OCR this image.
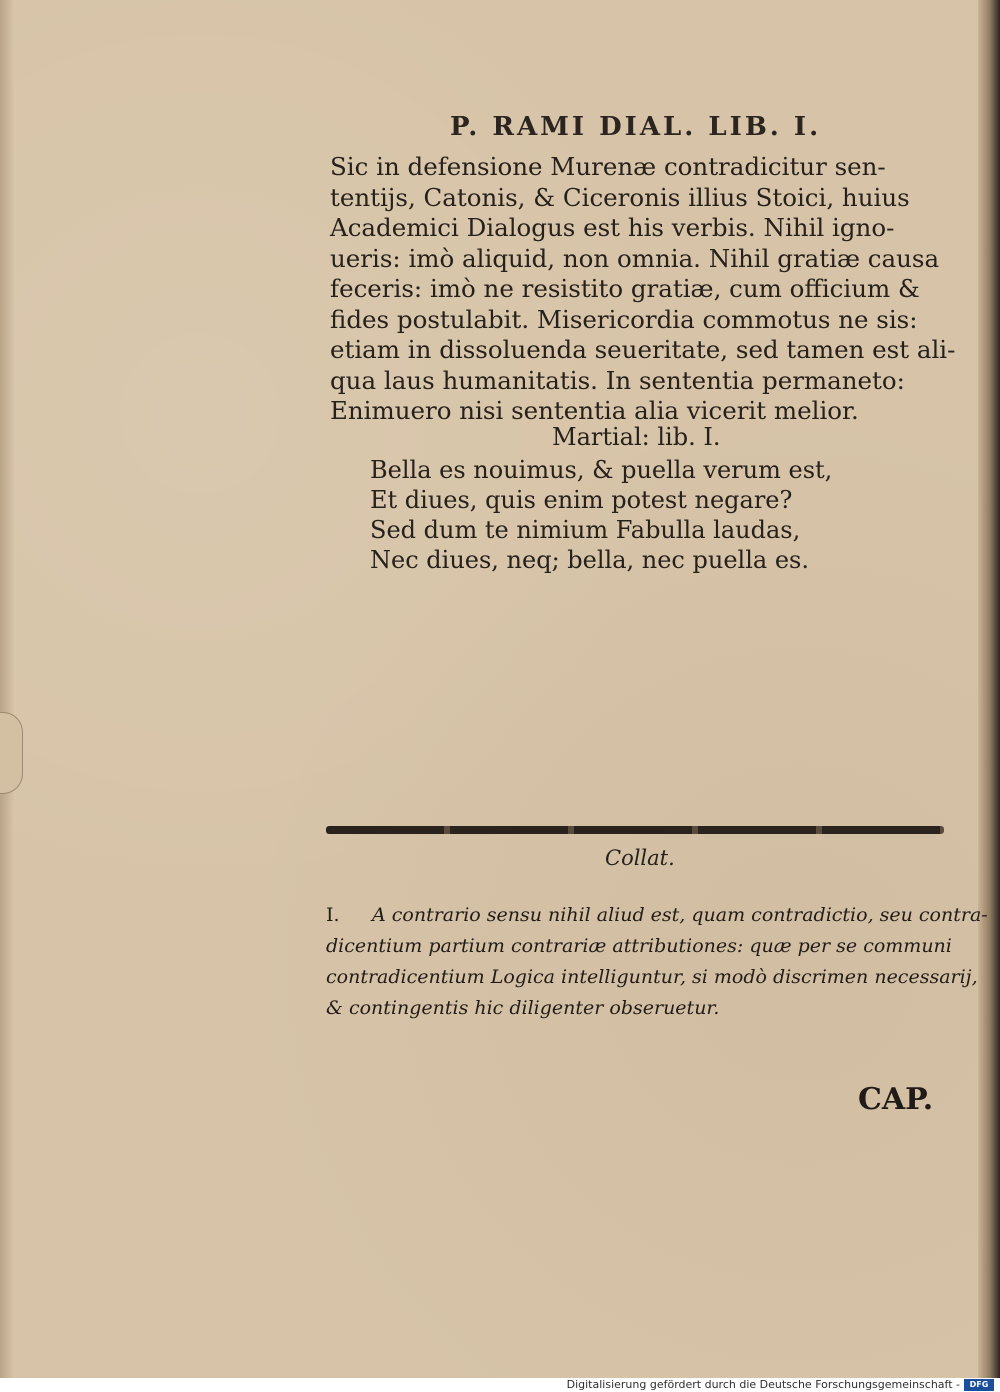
P. RAMI DIAL. LIB. I.
Sic in defensione Murenæ contradicitur sen-
tentijs, Catonis, & Ciceronis illius Stoici, huius
Academici Dialogus est his verbis. Nihil igno-
ueris: imò aliquid, non omnia. Nihil gratiæ causa
feceris: imò ne resistito gratiæ, cum officium &
fides postulabit. Misericordia commotus ne sis:
etiam in dissoluenda seueritate, sed tamen est ali-
qua laus humanitatis. In sententia permaneto:
Enimuero nisi sententia alia vicerit melior.
Martial: lib. I.
Bella es nouimus, & puella verum est,
Et diues, quis enim potest negare?
Sed dum te nimium Fabulla laudas,
Nec diues, neq; bella, nec puella es.
Collat.
I. A contrario sensu nihil aliud est, quam contradictio, seu contra-
dicentium partium contrariæ attributiones: quæ per se communi
contradicentium Logica intelliguntur, si modò discrimen necessarij,
& contingentis hic diligenter obseruetur.
CAP.
Digitalisierung gefördert durch die Deutsche Forschungsgemeinschaft -	DFG
